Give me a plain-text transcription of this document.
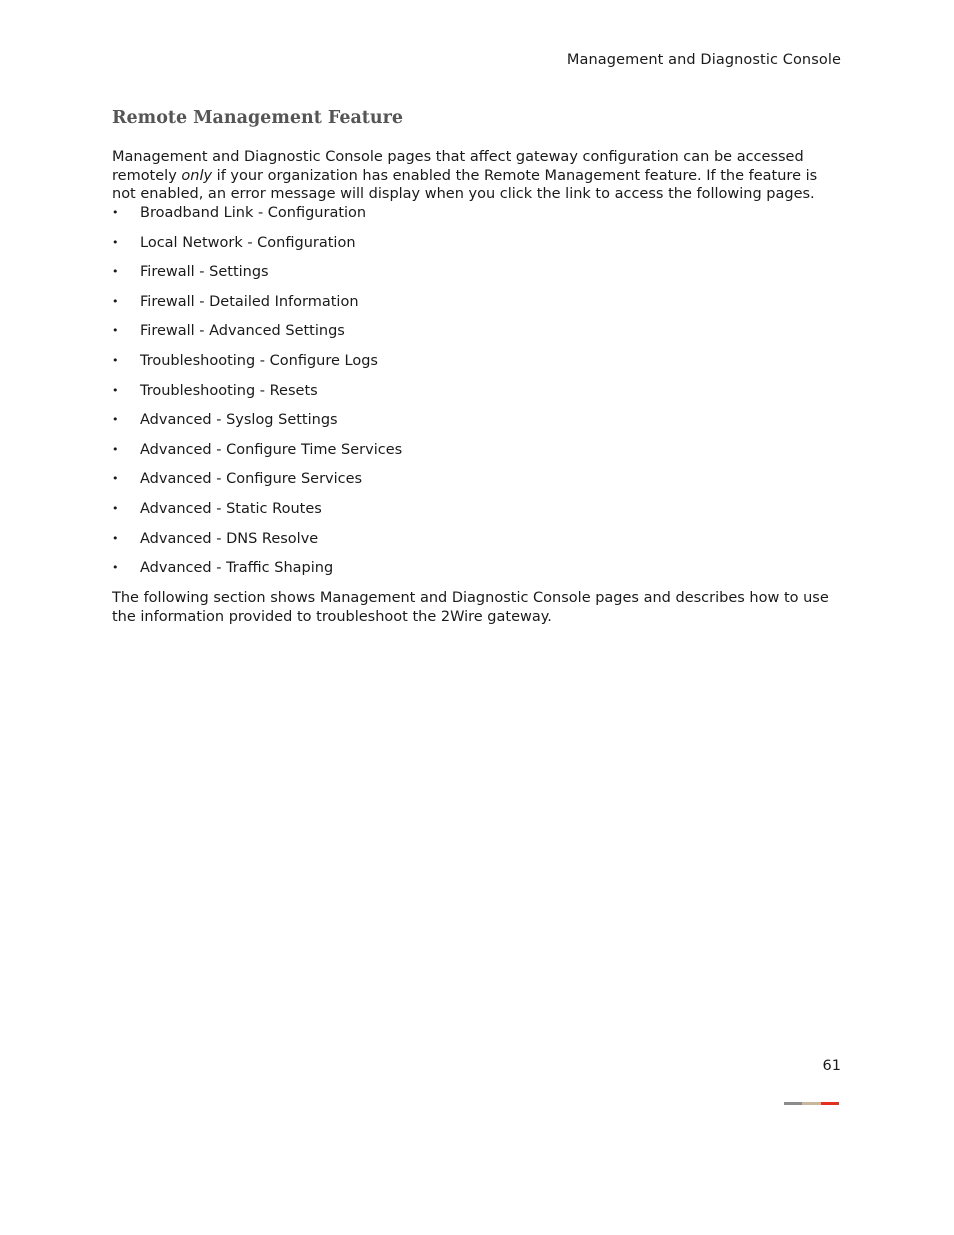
Management and Diagnostic Console
Remote Management Feature

Management and Diagnostic Console pages that affect gateway configuration can be accessed remotely only if your organization has enabled the Remote Management feature. If the feature is not enabled, an error message will display when you click the link to access the following pages.

• Broadband Link - Configuration
• Local Network - Configuration
• Firewall - Settings
• Firewall - Detailed Information
• Firewall - Advanced Settings
• Troubleshooting - Configure Logs
• Troubleshooting - Resets
• Advanced - Syslog Settings
• Advanced - Configure Time Services
• Advanced - Configure Services
• Advanced - Static Routes
• Advanced - DNS Resolve
• Advanced - Traffic Shaping

The following section shows Management and Diagnostic Console pages and describes how to use the information provided to troubleshoot the 2Wire gateway.

61
